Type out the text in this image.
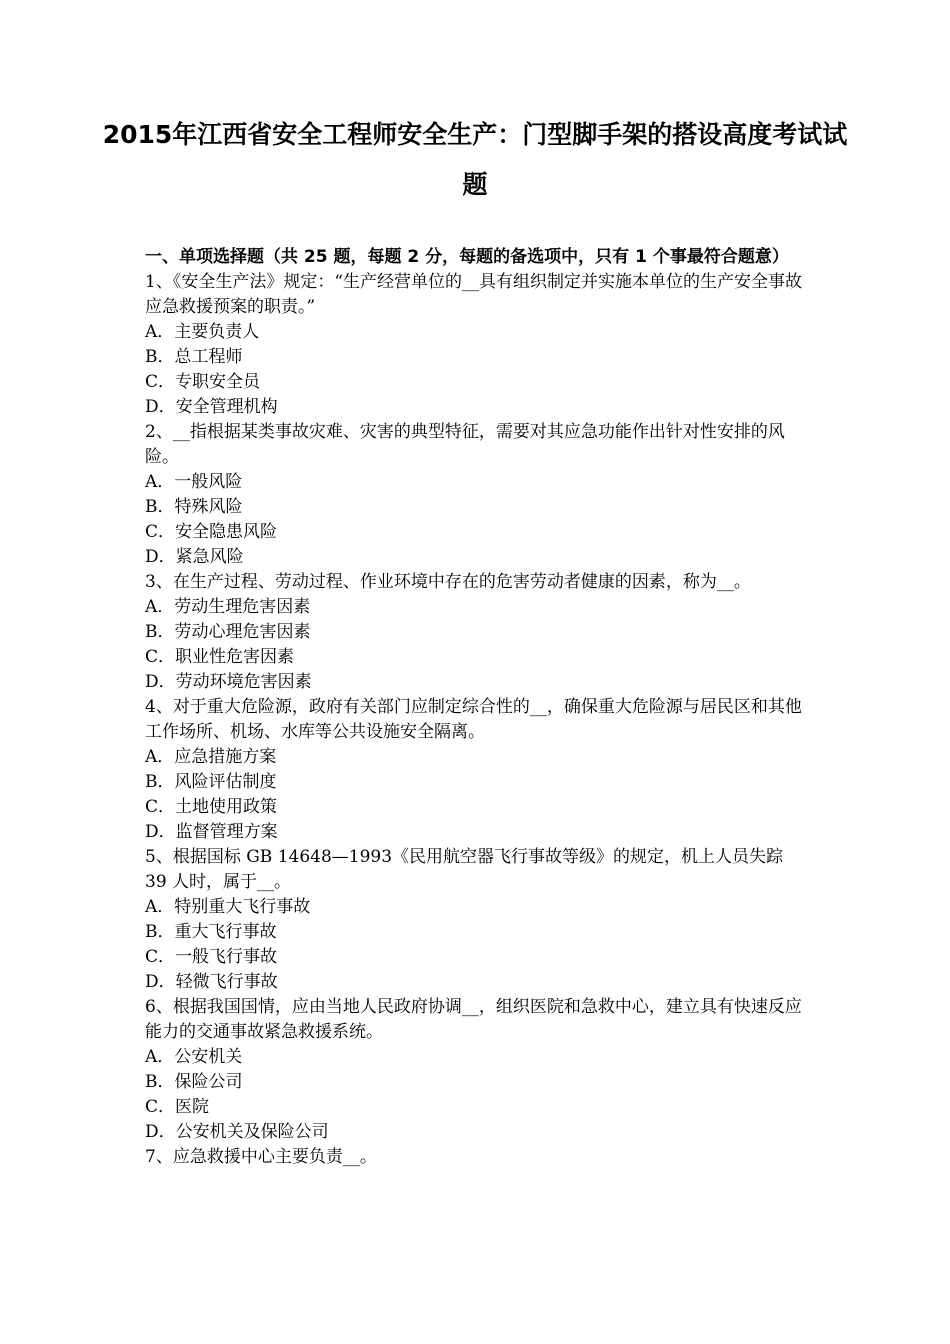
2015年江西省安全工程师安全生产：门型脚手架的搭设高度考试试题

一、单项选择题（共 25 题，每题 2 分，每题的备选项中，只有 1 个事最符合题意）

1、《安全生产法》规定：“生产经营单位的__具有组织制定并实施本单位的生产安全事故应急救援预案的职责。”

A．主要负责人

B．总工程师

C．专职安全员

D．安全管理机构

2、__指根据某类事故灾难、灾害的典型特征，需要对其应急功能作出针对性安排的风险。

A．一般风险

B．特殊风险

C．安全隐患风险

D．紧急风险

3、在生产过程、劳动过程、作业环境中存在的危害劳动者健康的因素，称为__。

A．劳动生理危害因素

B．劳动心理危害因素

C．职业性危害因素

D．劳动环境危害因素

4、对于重大危险源，政府有关部门应制定综合性的__，确保重大危险源与居民区和其他工作场所、机场、水库等公共设施安全隔离。

A．应急措施方案

B．风险评估制度

C．土地使用政策

D．监督管理方案

5、根据国标 GB 14648—1993《民用航空器飞行事故等级》的规定，机上人员失踪 39 人时，属于__。

A．特别重大飞行事故

B．重大飞行事故

C．一般飞行事故

D．轻微飞行事故

6、根据我国国情，应由当地人民政府协调__，组织医院和急救中心，建立具有快速反应能力的交通事故紧急救援系统。

A．公安机关

B．保险公司

C．医院

D．公安机关及保险公司

7、应急救援中心主要负责__。
